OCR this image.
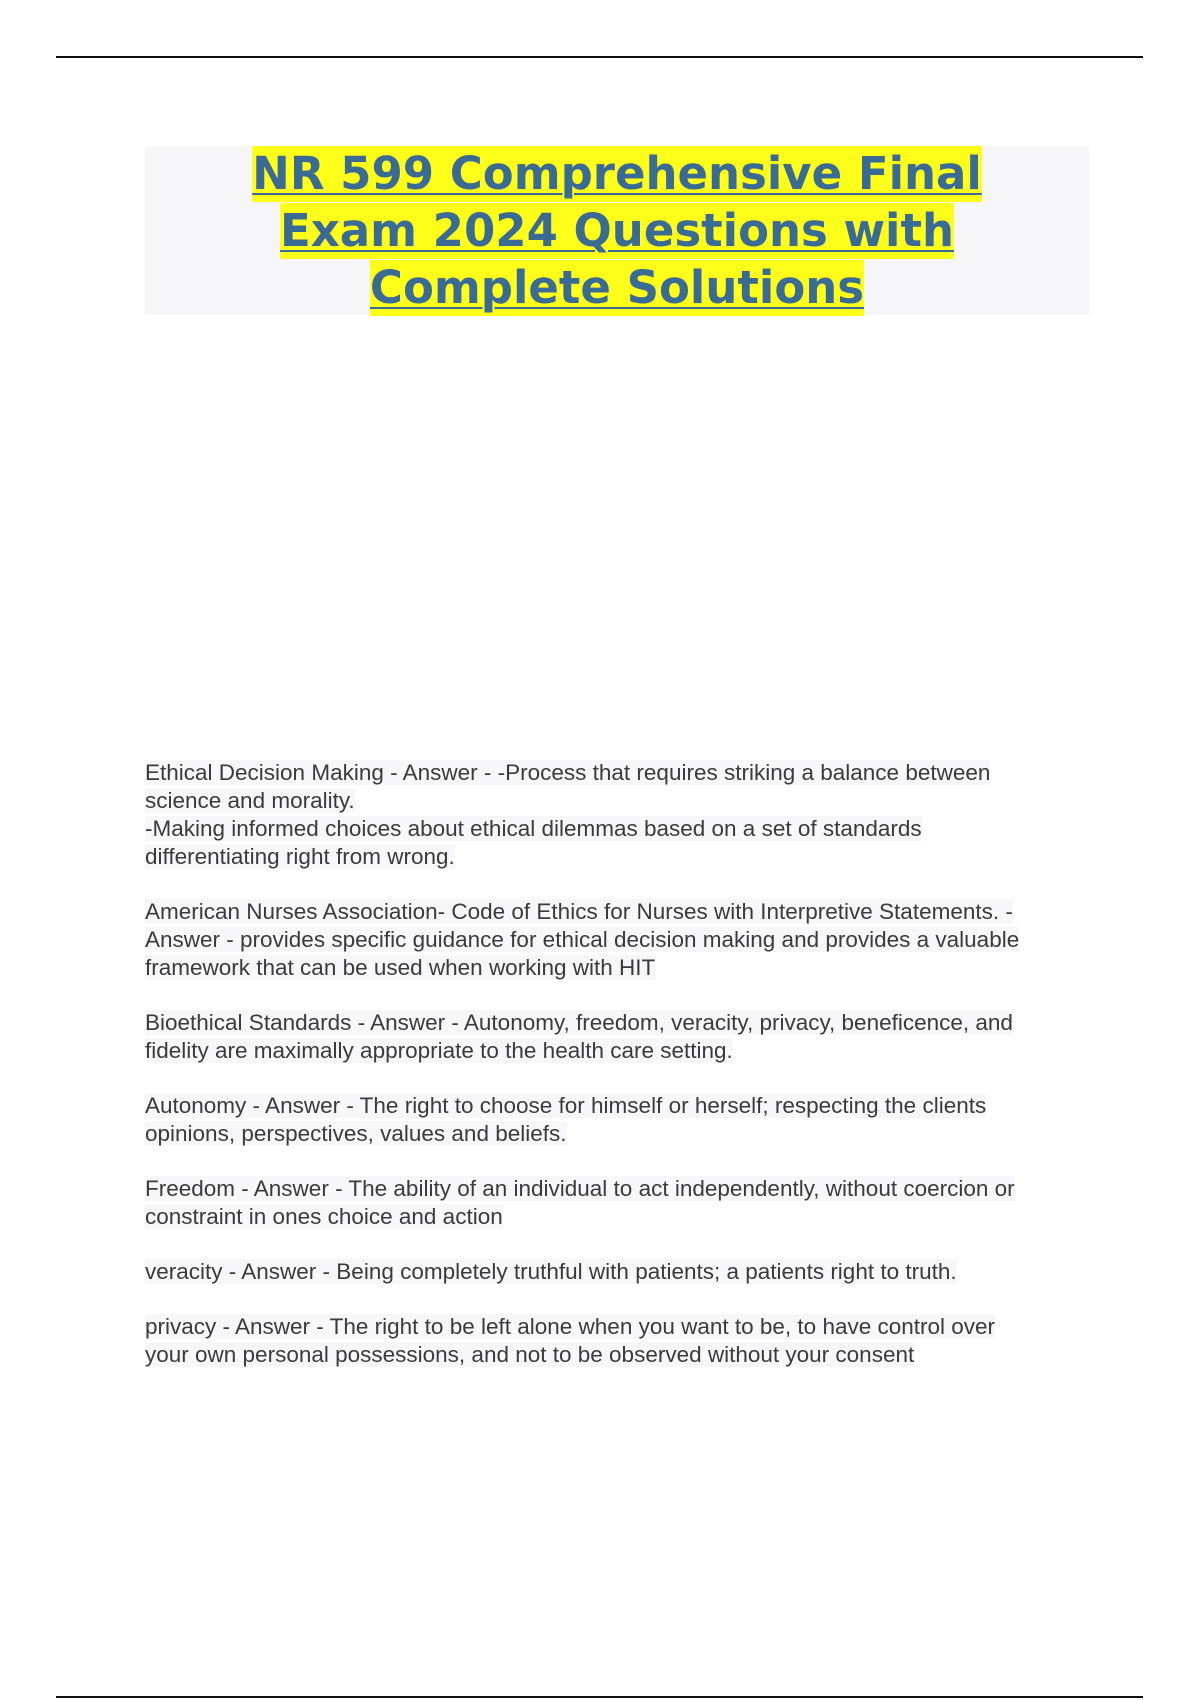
NR 599 Comprehensive Final
Exam 2024 Questions with
Complete Solutions
Ethical Decision Making - Answer - -Process that requires striking a balance between
science and morality.
-Making informed choices about ethical dilemmas based on a set of standards
differentiating right from wrong.
American Nurses Association- Code of Ethics for Nurses with Interpretive Statements. -
Answer - provides specific guidance for ethical decision making and provides a valuable
framework that can be used when working with HIT
Bioethical Standards - Answer - Autonomy, freedom, veracity, privacy, beneficence, and
fidelity are maximally appropriate to the health care setting.
Autonomy - Answer - The right to choose for himself or herself; respecting the clients
opinions, perspectives, values and beliefs.
Freedom - Answer - The ability of an individual to act independently, without coercion or
constraint in ones choice and action
veracity - Answer - Being completely truthful with patients; a patients right to truth.
privacy - Answer - The right to be left alone when you want to be, to have control over
your own personal possessions, and not to be observed without your consent
